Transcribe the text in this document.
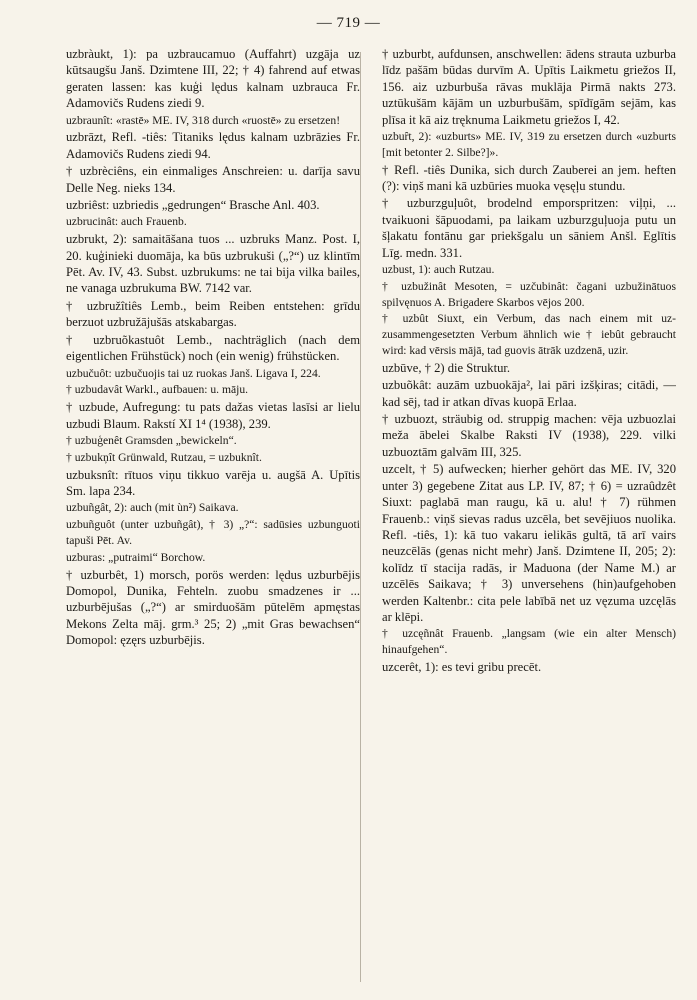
— 719 —

uzbràukt, 1): pa uzbraucamuo (Auffahrt) uzgāja uz kūtsaugšu Janš. Dzimtene III, 22; † 4) fahrend auf etwas geraten lassen: kas kuģi lędus kalnam uzbrauca Fr. Adamovičs Rudens ziedi 9.

uzbraunît: «rastē» ME. IV, 318 durch «ruostē» zu ersetzen!

uzbrāzt, Refl. -tiês: Titaniks lędus kalnam uzbrāzies Fr. Adamovičs Rudens ziedi 94.

† uzbrèciêns, ein einmaliges Anschreien: u. darīja savu Delle Neg. nieks 134.

uzbriêst: uzbriedis „gedrungen“ Brasche Anl. 403.

uzbrucinât: auch Frauenb.

uzbrukt, 2): samaitāšana tuos ... uzbruks Manz. Post. I, 20. kuģinieki duomāja, ka būs uzbrukuši („?“) uz klintīm Pēt. Av. IV, 43. Subst. uzbrukums: ne tai bija vilka bailes, ne vanaga uzbrukuma BW. 7142 var.

† uzbružîtiês Lemb., beim Reiben entstehen: grīdu berzuot uzbružājušās atskabargas.

† uzbruõkastuôt Lemb., nachträglich (nach dem eigentlichen Frühstück) noch (ein wenig) frühstücken.

uzbučuôt: uzbučuojis tai uz ruokas Janš. Ligava I, 224.

† uzbudavât Warkl., aufbauen: u. māju.

† uzbude, Aufregung: tu pats dažas vietas lasīsi ar lielu uzbudi Blaum. Rakstí XI 1⁴ (1938), 239.

† uzbuģenêt Gramsden „bewickeln“.

† uzbukņît Grünwald, Rutzau, = uzbuknît.

uzbuksnît: rītuos viņu tikkuo varēja u. augšā A. Upītis Sm. lapa 234.

uzbuñgât, 2): auch (mit ùn²) Saikava.

uzbuñguôt (unter uzbuñgât), † 3) „?“: sadūsies uzbunguoti tapuši Pēt. Av.

uzburas: „putraimi“ Borchow.

† uzburbêt, 1) morsch, porös werden: lędus uzburbējis Domopol, Dunika, Fehteln. zuobu smadzenes ir ... uzburbējušas („?“) ar smirduošām pūtelēm apmęstas Mekons Zelta māj. grm.³ 25; 2) „mit Gras bewachsen“ Domopol: ęzęrs uzburbējis.

† uzburbt, aufdunsen, anschwellen: ādens strauta uzburba līdz pašām būdas durvīm A. Upītis Laikmetu griežos II, 156. aiz uzburbuša rāvas muklāja Pirmā nakts 273. uztūkušām kājām un uzburbušām, spīdīgām sejām, kas plīsa it kā aiz tręknuma Laikmetu griežos I, 42.

uzbuȓt, 2): «uzburts» ME. IV, 319 zu ersetzen durch «uzburts [mit betonter 2. Silbe?]».

† Refl. -tiês Dunika, sich durch Zauberei an jem. heften (?): viņš mani kā uzbūries muoka vęsęļu stundu.

† uzburzguļuôt, brodelnd emporspritzen: viļņi, ... tvaikuoni šāpuodami, pa laikam uzburzguļuoja putu un šļakatu fontānu gar priekšgalu un sāniem Anšl. Eglītis Līg. medn. 331.

uzbust, 1): auch Rutzau.

† uzbužinât Mesoten, = uzčubinât: čagani uzbužinātuos spilvęnuos A. Brigadere Skarbos vējos 200.

† uzbût Siuxt, ein Verbum, das nach einem mit uz- zusammengesetzten Verbum ähnlich wie † iebût gebraucht wird: kad vērsis mājā, tad guovis ātrāk uzdzenā, uzir.

uzbūve, † 2) die Struktur.

uzbuõkât: auzām uzbuokāja², lai pāri izšķiras; citādi, — kad sēj, tad ir atkan dīvas kuopā Erlaa.

† uzbuozt, sträubig od. struppig machen: vēja uzbuozlai meža ābelei Skalbe Raksti IV (1938), 229. vilki uzbuoztām galvām III, 325.

uzcelt, † 5) aufwecken; hierher gehört das ME. IV, 320 unter 3) gegebene Zitat aus LP. IV, 87; † 6) = uzraûdzêt Siuxt: paglabā man raugu, kā u. alu! † 7) rühmen Frauenb.: viņš sievas radus uzcēla, bet sevējiuos nuolika. Refl. -tiês, 1): kā tuo vakaru ielikās gultā, tā arī vairs neuzcēlās (genas nicht mehr) Janš. Dzimtene II, 205; 2): kolīdz tī stacija radās, ir Maduona (der Name M.) ar uzcēlēs Saikava; † 3) unversehens (hin)aufgehoben werden Kaltenbr.: cita pele labībā net uz vęzuma uzcęlās ar klēpi.

† uzcęñnât Frauenb. „langsam (wie ein alter Mensch) hinaufgehen“.

uzcerêt, 1): es tevi gribu precēt.
